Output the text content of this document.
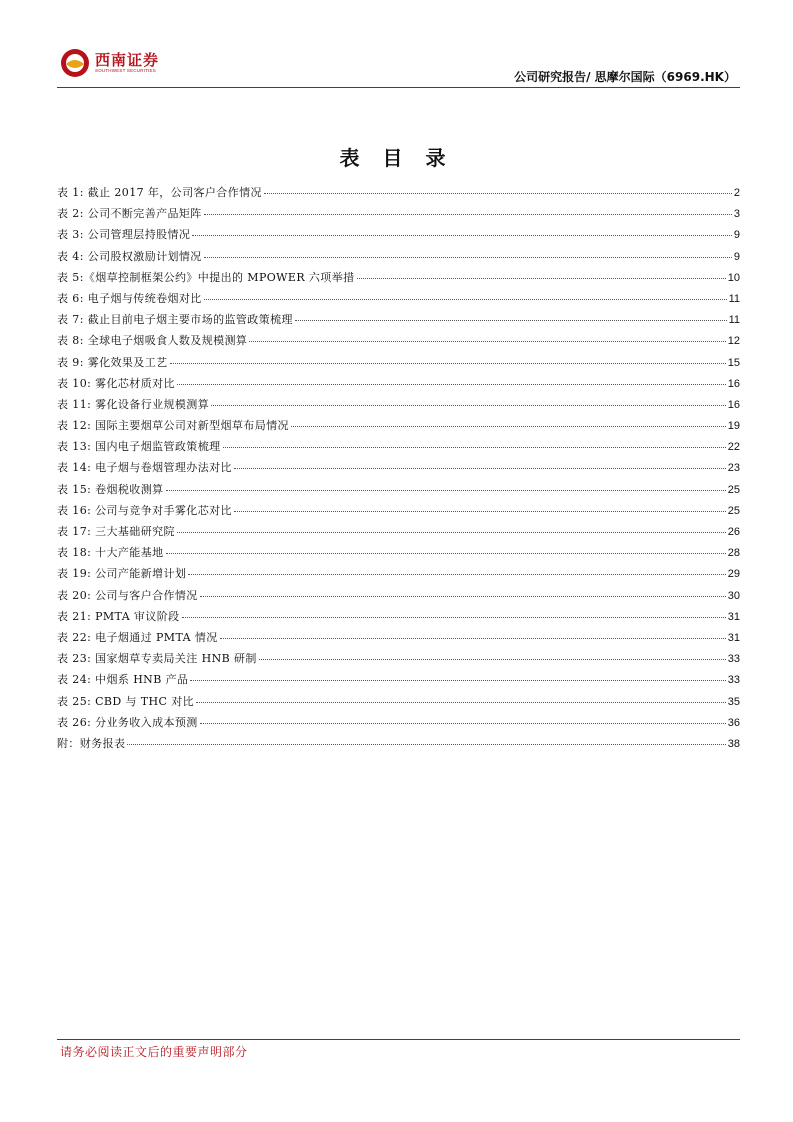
西南证券
SOUTHWEST SECURITIES	公司研究报告/ 思摩尔国际（6969.HK）
表 目 录
表 1: 截止 2017 年，公司客户合作情况	2
表 2: 公司不断完善产品矩阵	3
表 3: 公司管理层持股情况	9
表 4: 公司股权激励计划情况	9
表 5:《烟草控制框架公约》中提出的 MPOWER 六项举措	10
表 6: 电子烟与传统卷烟对比	11
表 7: 截止目前电子烟主要市场的监管政策梳理	11
表 8: 全球电子烟吸食人数及规模测算	12
表 9: 雾化效果及工艺	15
表 10: 雾化芯材质对比	16
表 11: 雾化设备行业规模测算	16
表 12: 国际主要烟草公司对新型烟草布局情况	19
表 13: 国内电子烟监管政策梳理	22
表 14: 电子烟与卷烟管理办法对比	23
表 15: 卷烟税收测算	25
表 16: 公司与竞争对手雾化芯对比	25
表 17: 三大基础研究院	26
表 18: 十大产能基地	28
表 19: 公司产能新增计划	29
表 20: 公司与客户合作情况	30
表 21: PMTA 审议阶段	31
表 22: 电子烟通过 PMTA 情况	31
表 23: 国家烟草专卖局关注 HNB 研制	33
表 24: 中烟系 HNB 产品	33
表 25: CBD 与 THC 对比	35
表 26: 分业务收入成本预测	36
附：财务报表	38
请务必阅读正文后的重要声明部分
